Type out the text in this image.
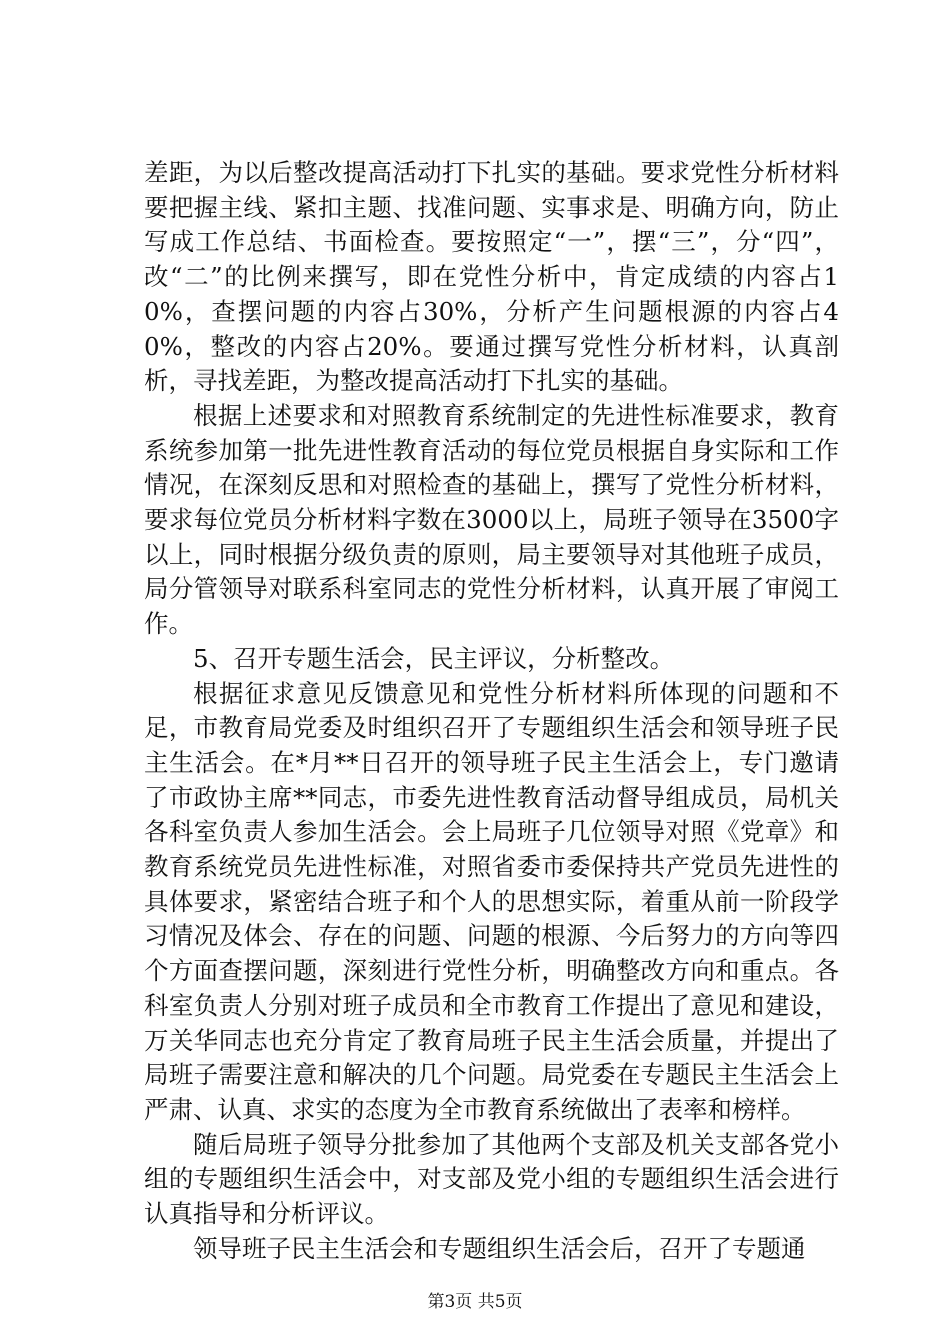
差距，为以后整改提高活动打下扎实的基础。要求党性分析材料要把握主线、紧扣主题、找准问题、实事求是、明确方向，防止写成工作总结、书面检查。要按照定“一”，摆“三”，分“四”，改“二”的比例来撰写，即在党性分析中，肯定成绩的内容占10%，查摆问题的内容占30%，分析产生问题根源的内容占40%，整改的内容占20%。要通过撰写党性分析材料，认真剖析，寻找差距，为整改提高活动打下扎实的基础。

根据上述要求和对照教育系统制定的先进性标准要求，教育系统参加第一批先进性教育活动的每位党员根据自身实际和工作情况，在深刻反思和对照检查的基础上，撰写了党性分析材料，要求每位党员分析材料字数在3000以上，局班子领导在3500字以上，同时根据分级负责的原则，局主要领导对其他班子成员，局分管领导对联系科室同志的党性分析材料，认真开展了审阅工作。

5、召开专题生活会，民主评议，分析整改。

根据征求意见反馈意见和党性分析材料所体现的问题和不足，市教育局党委及时组织召开了专题组织生活会和领导班子民主生活会。在*月**日召开的领导班子民主生活会上，专门邀请了市政协主席**同志，市委先进性教育活动督导组成员，局机关各科室负责人参加生活会。会上局班子几位领导对照《党章》和教育系统党员先进性标准，对照省委市委保持共产党员先进性的具体要求，紧密结合班子和个人的思想实际，着重从前一阶段学习情况及体会、存在的问题、问题的根源、今后努力的方向等四个方面查摆问题，深刻进行党性分析，明确整改方向和重点。各科室负责人分别对班子成员和全市教育工作提出了意见和建设，万关华同志也充分肯定了教育局班子民主生活会质量，并提出了局班子需要注意和解决的几个问题。局党委在专题民主生活会上严肃、认真、求实的态度为全市教育系统做出了表率和榜样。

随后局班子领导分批参加了其他两个支部及机关支部各党小组的专题组织生活会中，对支部及党小组的专题组织生活会进行认真指导和分析评议。

领导班子民主生活会和专题组织生活会后，召开了专题通

第3页 共5页
